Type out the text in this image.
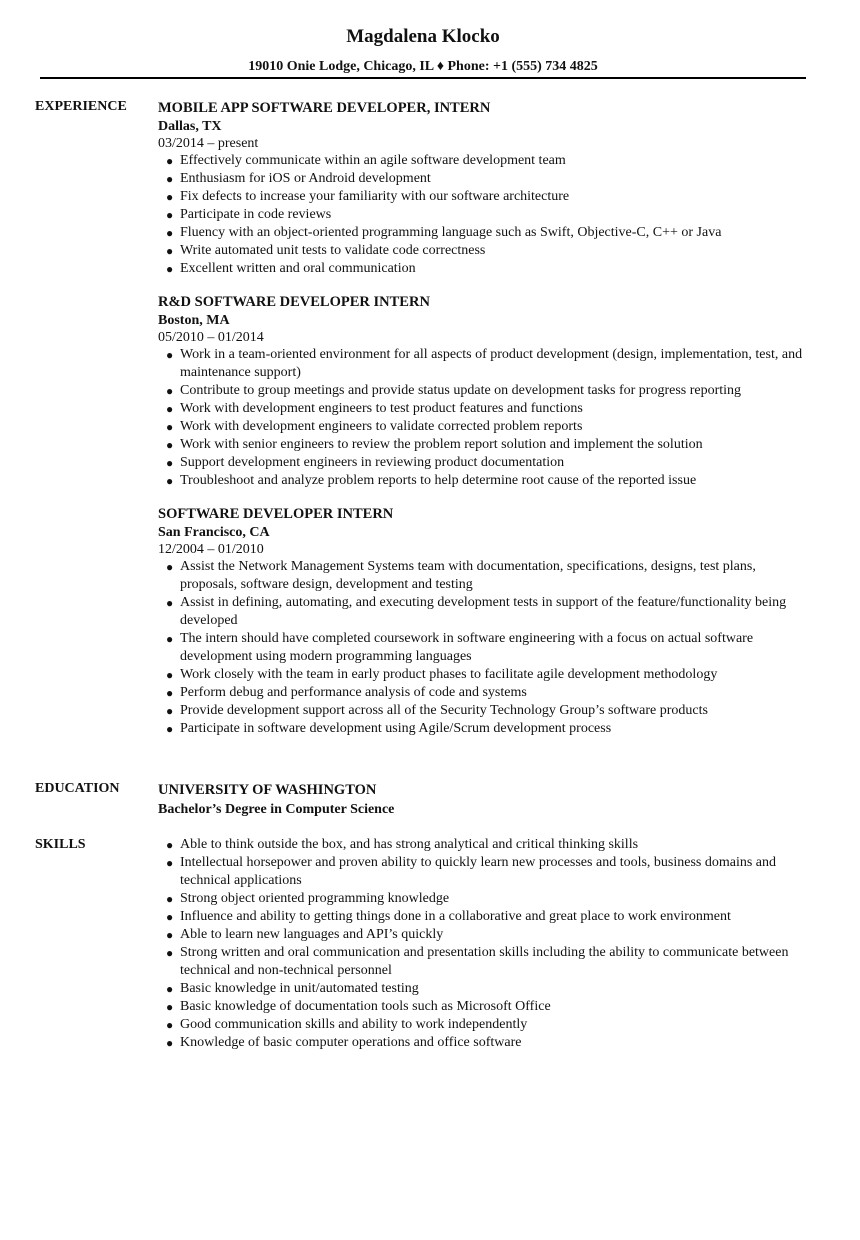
Magdalena Klocko
19010 Onie Lodge, Chicago, IL ♦ Phone: +1 (555) 734 4825
EXPERIENCE	MOBILE APP SOFTWARE DEVELOPER, INTERN
Dallas, TX
03/2014 – present
● Effectively communicate within an agile software development team
● Enthusiasm for iOS or Android development
● Fix defects to increase your familiarity with our software architecture
● Participate in code reviews
● Fluency with an object-oriented programming language such as Swift, Objective-C, C++ or Java
● Write automated unit tests to validate code correctness
● Excellent written and oral communication
R&D SOFTWARE DEVELOPER INTERN
Boston, MA
05/2010 – 01/2014
● Work in a team-oriented environment for all aspects of product development (design, implementation, test, and maintenance support)
● Contribute to group meetings and provide status update on development tasks for progress reporting
● Work with development engineers to test product features and functions
● Work with development engineers to validate corrected problem reports
● Work with senior engineers to review the problem report solution and implement the solution
● Support development engineers in reviewing product documentation
● Troubleshoot and analyze problem reports to help determine root cause of the reported issue
SOFTWARE DEVELOPER INTERN
San Francisco, CA
12/2004 – 01/2010
● Assist the Network Management Systems team with documentation, specifications, designs, test plans, proposals, software design, development and testing
● Assist in defining, automating, and executing development tests in support of the feature/functionality being developed
● The intern should have completed coursework in software engineering with a focus on actual software development using modern programming languages
● Work closely with the team in early product phases to facilitate agile development methodology
● Perform debug and performance analysis of code and systems
● Provide development support across all of the Security Technology Group’s software products
● Participate in software development using Agile/Scrum development process
EDUCATION	UNIVERSITY OF WASHINGTON
Bachelor’s Degree in Computer Science
SKILLS	● Able to think outside the box, and has strong analytical and critical thinking skills
● Intellectual horsepower and proven ability to quickly learn new processes and tools, business domains and technical applications
● Strong object oriented programming knowledge
● Influence and ability to getting things done in a collaborative and great place to work environment
● Able to learn new languages and API’s quickly
● Strong written and oral communication and presentation skills including the ability to communicate between technical and non-technical personnel
● Basic knowledge in unit/automated testing
● Basic knowledge of documentation tools such as Microsoft Office
● Good communication skills and ability to work independently
● Knowledge of basic computer operations and office software
